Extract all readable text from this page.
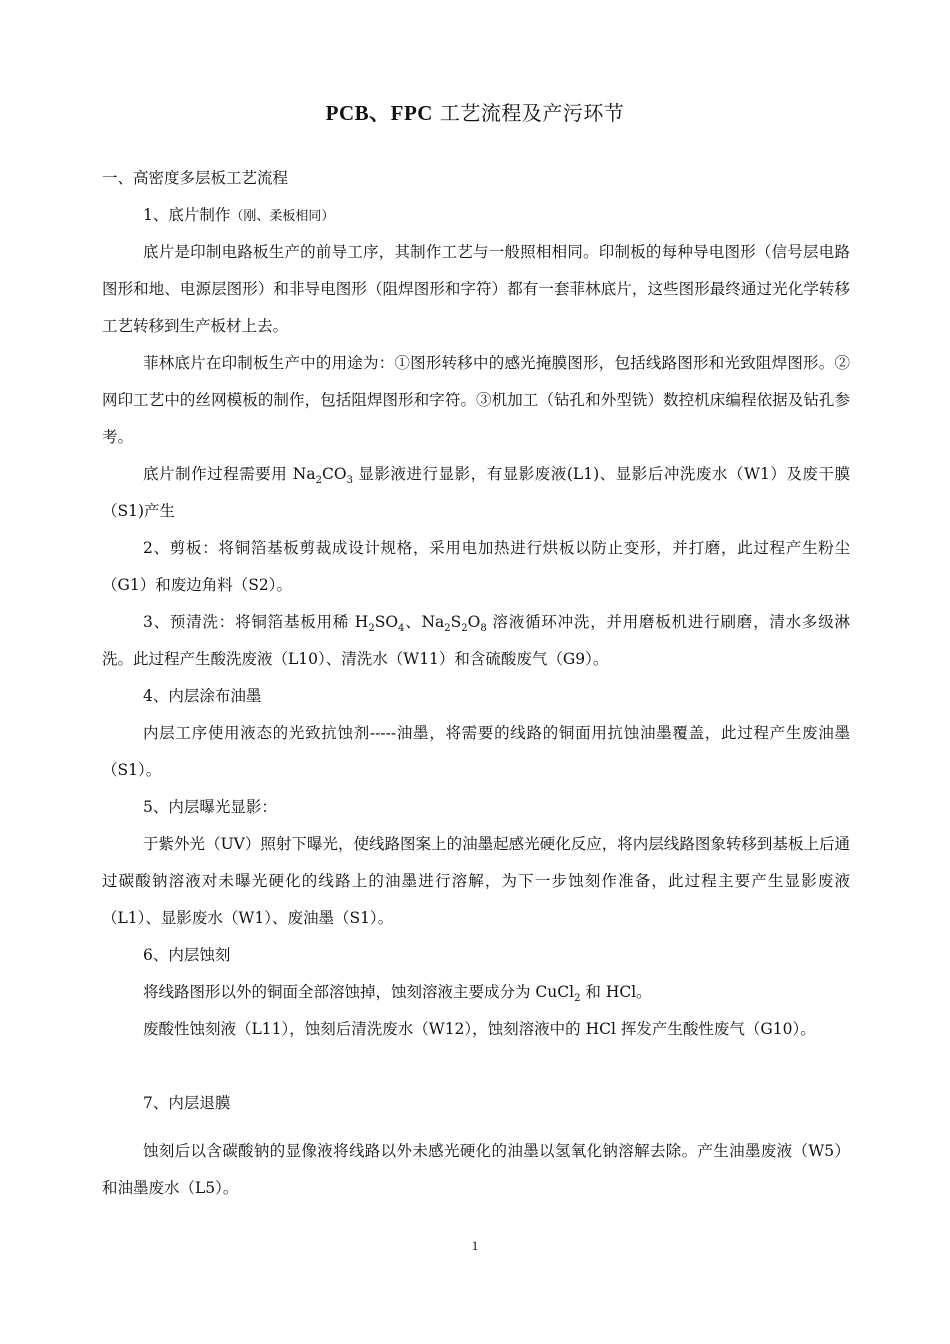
PCB、FPC 工艺流程及产污环节

一、高密度多层板工艺流程

1、底片制作（刚、柔板相同）

底片是印制电路板生产的前导工序，其制作工艺与一般照相相同。印制板的每种导电图形（信号层电路图形和地、电源层图形）和非导电图形（阻焊图形和字符）都有一套菲林底片，这些图形最终通过光化学转移工艺转移到生产板材上去。

菲林底片在印制板生产中的用途为：①图形转移中的感光掩膜图形，包括线路图形和光致阻焊图形。②网印工艺中的丝网模板的制作，包括阻焊图形和字符。③机加工（钻孔和外型铣）数控机床编程依据及钻孔参考。

底片制作过程需要用 $Na_2CO_3$ 显影液进行显影，有显影废液(L1)、显影后冲洗废水（W1）及废干膜（S1)产生

2、剪板：将铜箔基板剪裁成设计规格，采用电加热进行烘板以防止变形，并打磨，此过程产生粉尘（G1）和废边角料（S2）。

3、预清洗：将铜箔基板用稀 $H_2SO_4$、$Na_2S_2O_8$ 溶液循环冲洗，并用磨板机进行刷磨，清水多级淋洗。此过程产生酸洗废液（L10）、清洗水（W11）和含硫酸废气（G9）。

4、内层涂布油墨

内层工序使用液态的光致抗蚀剂-----油墨，将需要的线路的铜面用抗蚀油墨覆盖，此过程产生废油墨（S1）。

5、内层曝光显影：

于紫外光（UV）照射下曝光，使线路图案上的油墨起感光硬化反应，将内层线路图象转移到基板上后通过碳酸钠溶液对未曝光硬化的线路上的油墨进行溶解，为下一步蚀刻作准备，此过程主要产生显影废液（L1）、显影废水（W1）、废油墨（S1）。

6、内层蚀刻

将线路图形以外的铜面全部溶蚀掉，蚀刻溶液主要成分为 CuCl$_2$ 和 HCl。

废酸性蚀刻液（L11），蚀刻后清洗废水（W12），蚀刻溶液中的 HCl 挥发产生酸性废气（G10）。

7、内层退膜

蚀刻后以含碳酸钠的显像液将线路以外未感光硬化的油墨以氢氧化钠溶解去除。产生油墨废液（W5）和油墨废水（L5）。

1
